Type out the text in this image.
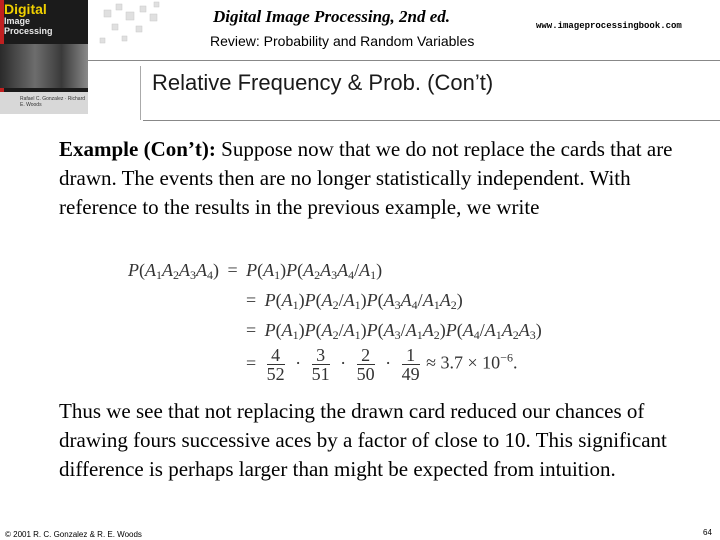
Digital
Image
Processing
Rafael C. Gonzalez · Richard E. Woods
Digital Image Processing, 2nd ed.
Review: Probability and Random Variables
www.imageprocessingbook.com
Relative Frequency & Prob. (Con’t)
Example (Con’t): Suppose now that we do not replace the cards that are drawn. The events then are no longer statistically independent. With reference to the results in the previous example, we write
$P(A_1A_2A_3A_4) = P(A_1)P(A_2A_3A_4/A_1)$
= $P(A_1)P(A_2/A_1)P(A_3A_4/A_1A_2)$
= $P(A_1)P(A_2/A_1)P(A_3/A_1A_2)P(A_4/A_1A_2A_3)$
= $\frac{4}{52} \cdot \frac{3}{51} \cdot \frac{2}{50} \cdot \frac{1}{49} \approx 3.7 \times 10^{-6}$.
Thus we see that not replacing the drawn card reduced our chances of drawing fours successive aces by a factor of close to 10. This significant difference is perhaps larger than might be expected from intuition.
© 2001 R. C. Gonzalez & R. E. Woods	64
